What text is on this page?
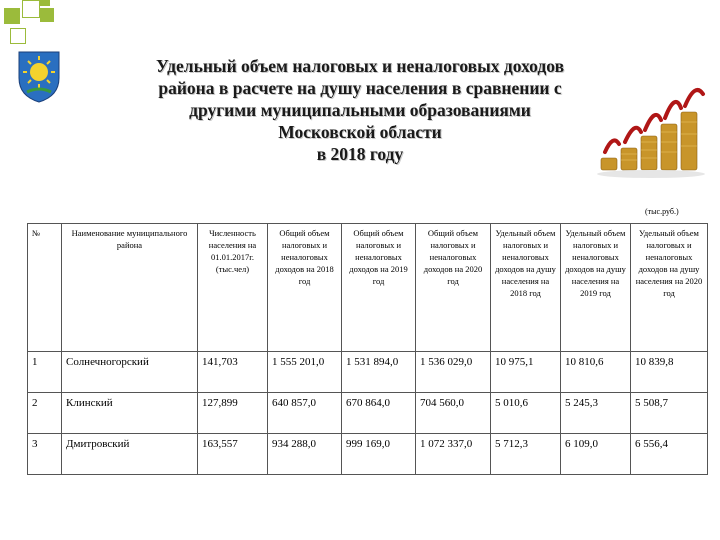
Удельный объем налоговых и неналоговых доходов
района в расчете на душу населения в сравнении с
другими муниципальными образованиями
Московской области
в 2018 году
(тыс.руб.)
№	Наименование муниципального района	Численность населения на 01.01.2017г. (тыс.чел)	Общий объем налоговых и неналоговых доходов на 2018 год	Общий объем налоговых и неналоговых доходов на 2019 год	Общий объем налоговых и неналоговых доходов на 2020 год	Удельный объем налоговых и неналоговых доходов на душу населения на 2018 год	Удельный объем налоговых и неналоговых доходов на душу населения на 2019 год	Удельный объем налоговых и неналоговых доходов на душу населения на 2020 год
1	Солнечногорский	141,703	1 555 201,0	1 531 894,0	1 536 029,0	10 975,1	10 810,6	10 839,8
2	Клинский	127,899	640 857,0	670 864,0	704 560,0	5 010,6	5 245,3	5 508,7
3	Дмитровский	163,557	934 288,0	999 169,0	1 072 337,0	5 712,3	6 109,0	6 556,4
